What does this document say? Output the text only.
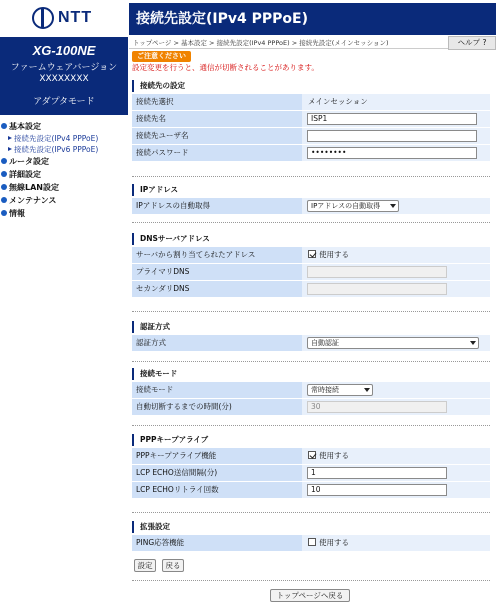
NTT
XG-100NE
ファームウェアバージョン
XXXXXXXX
アダプタモード
基本設定
接続先設定(IPv4 PPPoE)
接続先設定(IPv6 PPPoE)
ルータ設定
詳細設定
無線LAN設定
メンテナンス
情報
接続先設定(IPv4 PPPoE)
トップページ > 基本設定 > 接続先設定(IPv4 PPPoE) > 接続先設定(メインセッション)	ヘルプ ?
ご注意ください
設定変更を行うと、通信が切断されることがあります。
接続先の設定
接続先選択	メインセッション
接続先名	ISP1
接続先ユーザ名
接続パスワード	••••••••
IPアドレス
IPアドレスの自動取得	IPアドレスの自動取得
DNSサーバアドレス
サーバから割り当てられたアドレス	使用する
プライマリDNS
セカンダリDNS
認証方式
認証方式	自動認証
接続モード
接続モード	常時接続
自動切断するまでの時間(分)	30
PPPキープアライブ
PPPキープアライブ機能	使用する
LCP ECHO送信間隔(分)	1
LCP ECHOリトライ回数	10
拡張設定
PING応答機能	使用する
設定	戻る
トップページへ戻る
